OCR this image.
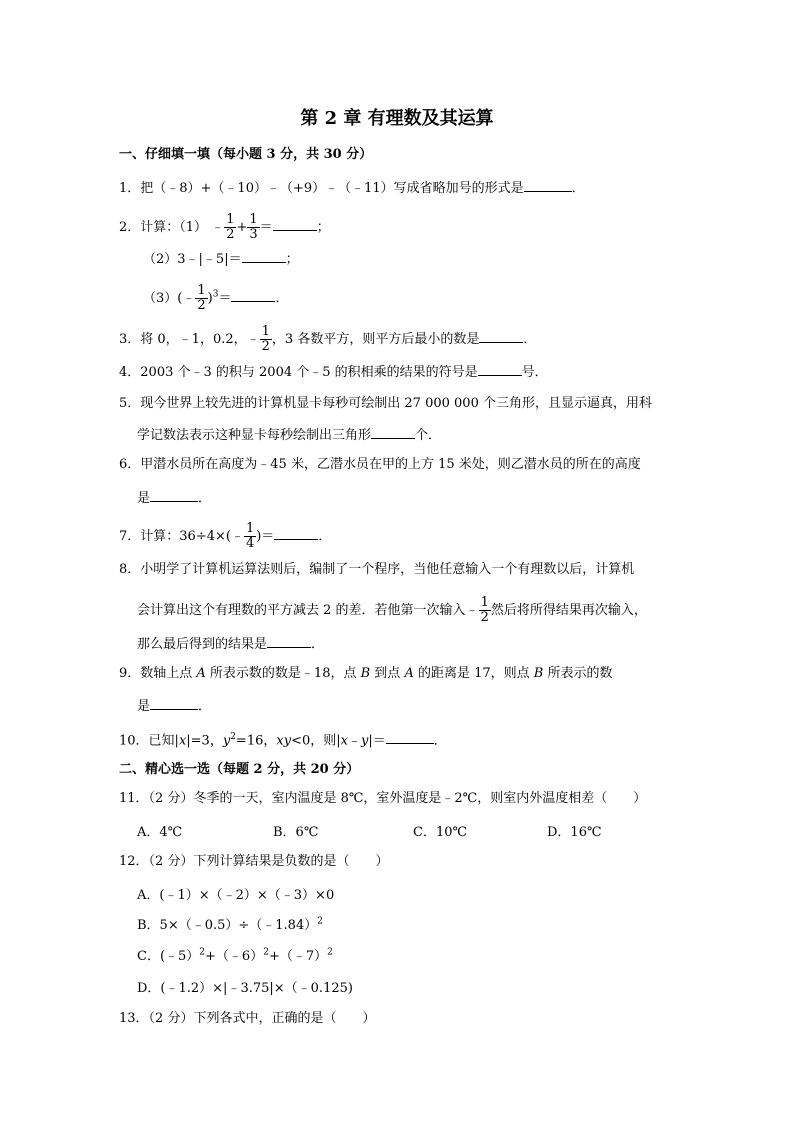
第 2 章 有理数及其运算
一、仔细填一填（每小题 3 分，共 30 分）
1．把（﹣8）+（﹣10）﹣（+9）﹣（﹣11）写成省略加号的形式是	．
2．计算：（1） ﹣ $\frac{1}{2} + \frac{1}{3}$ ＝	；
（2）3﹣|﹣5|＝	；
（3）(﹣ $\frac{1}{2} )^3=$	．
3．将 0，﹣1，0.2，﹣ $\frac{1}{2}$ ，3 各数平方，则平方后最小的数是	．
4．2003 个﹣3 的积与 2004 个﹣5 的积相乘的结果的符号是	号．
5．现今世界上较先进的计算机显卡每秒可绘制出 27 000 000 个三角形，且显示逼真，用科
学记数法表示这种显卡每秒绘制出三角形	个．
6．甲潜水员所在高度为﹣45 米，乙潜水员在甲的上方 15 米处，则乙潜水员的所在的高度
是	．
7．计算：36÷4×(﹣ $\frac{1}{4}$ )＝	．
8．小明学了计算机运算法则后，编制了一个程序，当他任意输入一个有理数以后，计算机
会计算出这个有理数的平方减去 2 的差．若他第一次输入﹣ $\frac{1}{2}$ 然后将所得结果再次输入，
那么最后得到的结果是	．
9．数轴上点 A 所表示数的数是﹣18，点 B 到点 A 的距离是 17，则点 B 所表示的数
是	．
10．已知|x|=3，$y^2=16$，xy<0，则|x﹣y|＝	．
二、精心选一选（每题 2 分，共 20 分）
11．（2 分）冬季的一天，室内温度是 8℃，室外温度是﹣2℃，则室内外温度相差（　　）
A．4℃	B．6℃	C．10℃	D．16℃
12．（2 分）下列计算结果是负数的是（　　）
A．(﹣1）×（﹣2）×（﹣3）×0
B．5×（﹣0.5）÷（﹣1.84）$^2$
C．(﹣5）$^2$+（﹣6）$^2$+（﹣7）$^2$
D．(﹣1.2）×|﹣3.75|×（﹣0.125)
13．（2 分）下列各式中，正确的是（　　）
